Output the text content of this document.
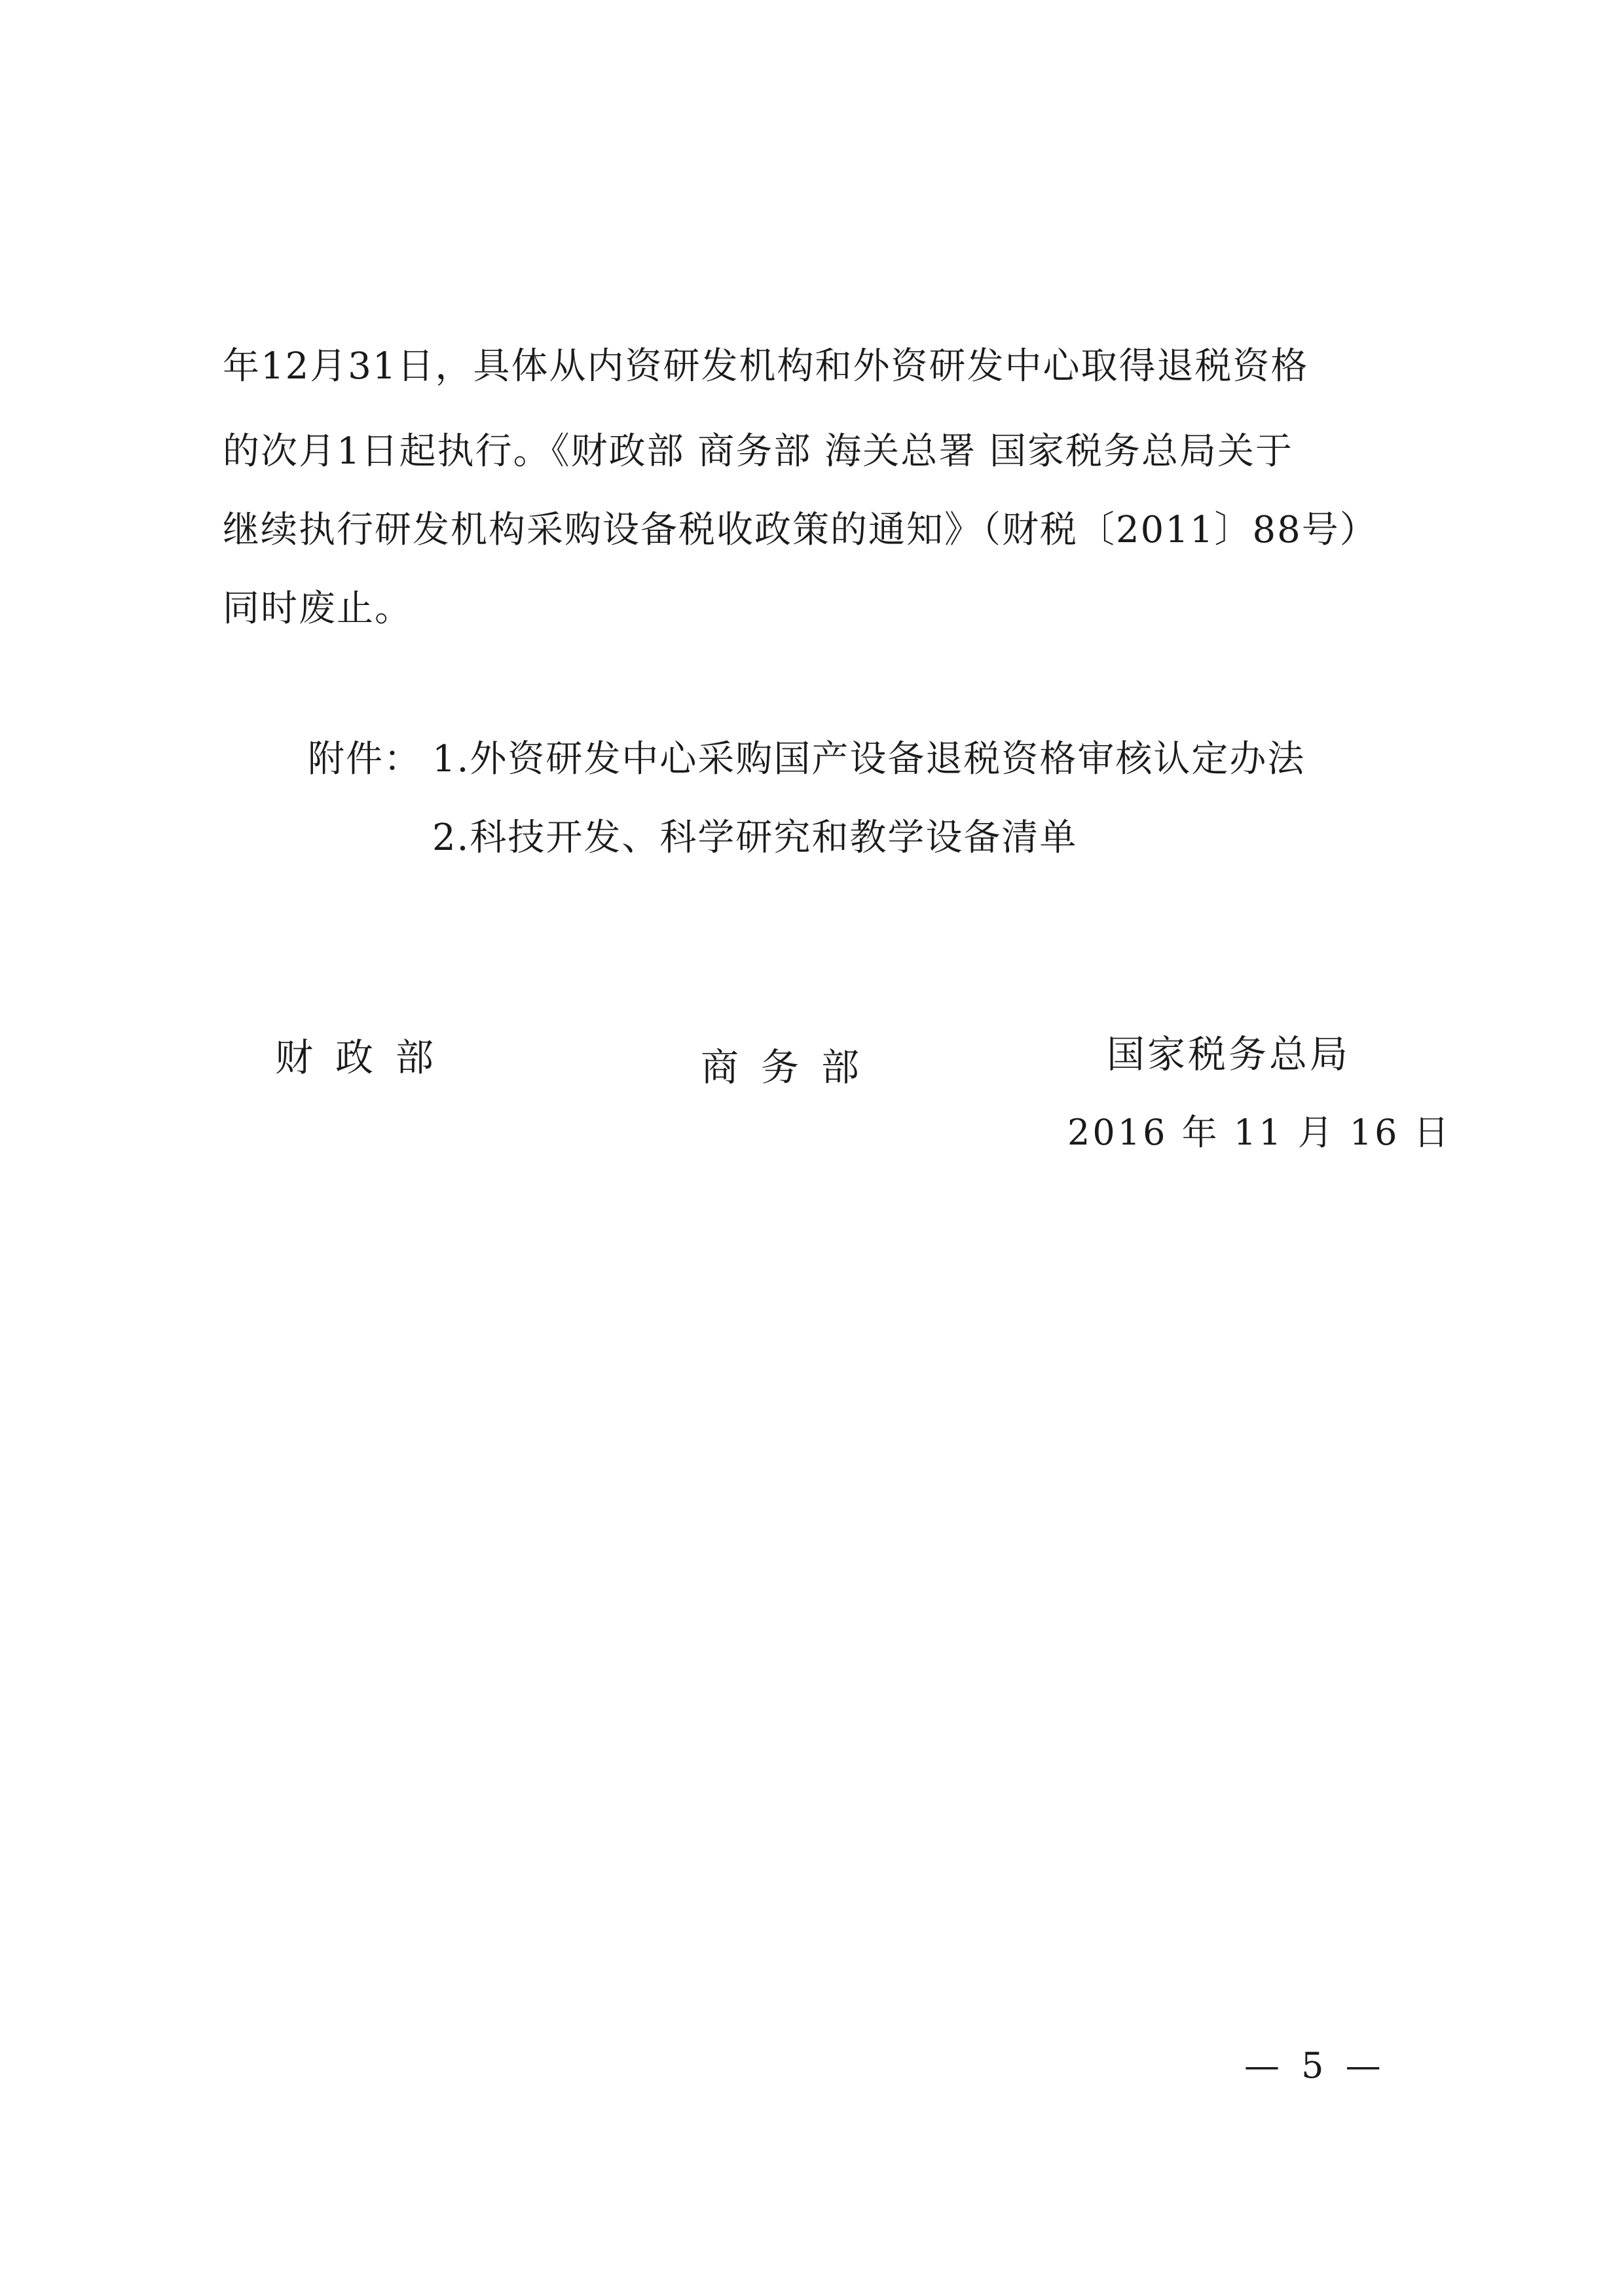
年12月31日，具体从内资研发机构和外资研发中心取得退税资格
的次月1日起执行。《财政部 商务部 海关总署 国家税务总局关于
继续执行研发机构采购设备税收政策的通知》（财税〔2011〕88号）
同时废止。
附件： 1.外资研发中心采购国产设备退税资格审核认定办法
2.科技开发、科学研究和教学设备清单
财政部	商务部	国家税务总局
2016 年 11 月 16 日
— 5 —
